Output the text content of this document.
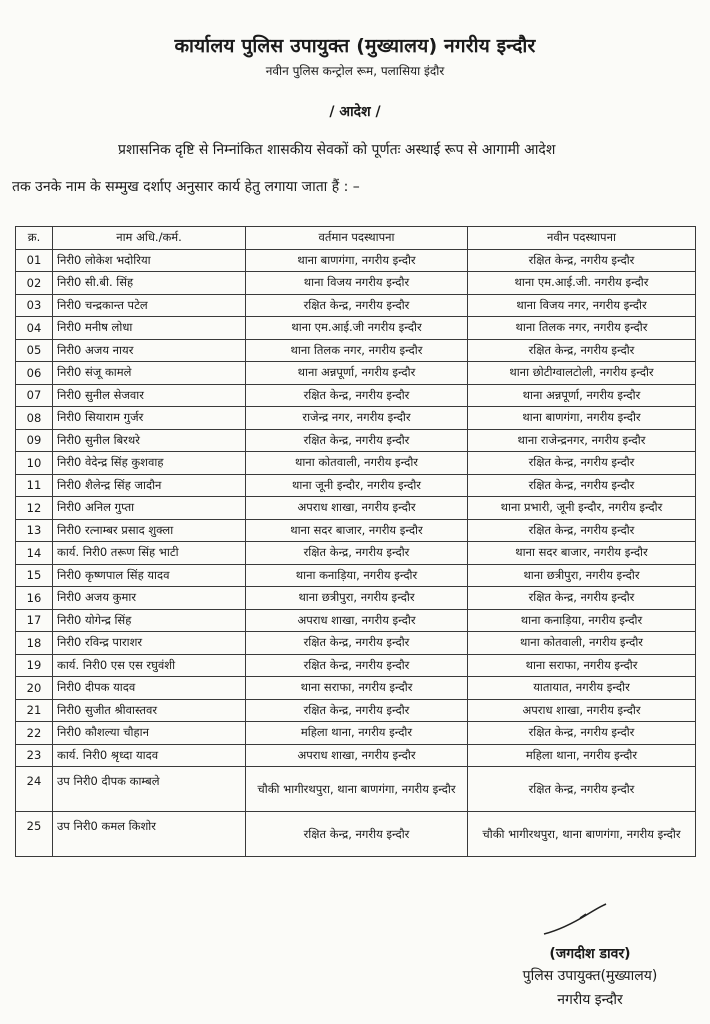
कार्यालय पुलिस उपायुक्त (मुख्यालय) नगरीय इन्दौर
नवीन पुलिस कन्ट्रोल रूम, पलासिया इंदौर
/ आदेश /
प्रशासनिक दृष्टि से निम्नांकित शासकीय सेवकों को पूर्णतः अस्थाई रूप से आगामी आदेश
तक उनके नाम के सम्मुख दर्शाए अनुसार कार्य हेतु लगाया जाता हैं : –
क्र.	नाम अधि./कर्म.	वर्तमान पदस्थापना	नवीन पदस्थापना
01	निरी0 लोकेश भदोरिया	थाना बाणगंगा, नगरीय इन्दौर	रक्षित केन्द्र, नगरीय इन्दौर
02	निरी0 सी.बी. सिंह	थाना विजय नगरीय इन्दौर	थाना एम.आई.जी. नगरीय इन्दौर
03	निरी0 चन्द्रकान्त पटेल	रक्षित केन्द्र, नगरीय इन्दौर	थाना विजय नगर, नगरीय इन्दौर
04	निरी0 मनीष लोधा	थाना एम.आई.जी नगरीय इन्दौर	थाना तिलक नगर, नगरीय इन्दौर
05	निरी0 अजय नायर	थाना तिलक नगर, नगरीय इन्दौर	रक्षित केन्द्र, नगरीय इन्दौर
06	निरी0 संजू कामले	थाना अन्नपूर्णा, नगरीय इन्दौर	थाना छोटीग्वालटोली, नगरीय इन्दौर
07	निरी0 सुनील सेजवार	रक्षित केन्द्र, नगरीय इन्दौर	थाना अन्नपूर्णा, नगरीय इन्दौर
08	निरी0 सियाराम गुर्जर	राजेन्द्र नगर, नगरीय इन्दौर	थाना बाणगंगा, नगरीय इन्दौर
09	निरी0 सुनील बिरथरे	रक्षित केन्द्र, नगरीय इन्दौर	थाना राजेन्द्रनगर, नगरीय इन्दौर
10	निरी0 वेदेन्द्र सिंह कुशवाह	थाना कोतवाली, नगरीय इन्दौर	रक्षित केन्द्र, नगरीय इन्दौर
11	निरी0 शैलेन्द्र सिंह जादौन	थाना जूनी इन्दौर, नगरीय इन्दौर	रक्षित केन्द्र, नगरीय इन्दौर
12	निरी0 अनिल गुप्ता	अपराध शाखा, नगरीय इन्दौर	थाना प्रभारी, जूनी इन्दौर, नगरीय इन्दौर
13	निरी0 रत्नाम्बर प्रसाद शुक्ला	थाना सदर बाजार, नगरीय इन्दौर	रक्षित केन्द्र, नगरीय इन्दौर
14	कार्य. निरी0 तरूण सिंह भाटी	रक्षित केन्द्र, नगरीय इन्दौर	थाना सदर बाजार, नगरीय इन्दौर
15	निरी0 कृष्णपाल सिंह यादव	थाना कनाड़िया, नगरीय इन्दौर	थाना छत्रीपुरा, नगरीय इन्दौर
16	निरी0 अजय कुमार	थाना छत्रीपुरा, नगरीय इन्दौर	रक्षित केन्द्र, नगरीय इन्दौर
17	निरी0 योगेन्द्र सिंह	अपराध शाखा, नगरीय इन्दौर	थाना कनाड़िया, नगरीय इन्दौर
18	निरी0 रविन्द्र पाराशर	रक्षित केन्द्र, नगरीय इन्दौर	थाना कोतवाली, नगरीय इन्दौर
19	कार्य. निरी0 एस एस रघुवंशी	रक्षित केन्द्र, नगरीय इन्दौर	थाना सराफा, नगरीय इन्दौर
20	निरी0 दीपक यादव	थाना सराफा, नगरीय इन्दौर	यातायात, नगरीय इन्दौर
21	निरी0 सुजीत श्रीवास्तवर	रक्षित केन्द्र, नगरीय इन्दौर	अपराध शाखा, नगरीय इन्दौर
22	निरी0 कौशल्या चौहान	महिला थाना, नगरीय इन्दौर	रक्षित केन्द्र, नगरीय इन्दौर
23	कार्य. निरी0 श्रृध्दा यादव	अपराध शाखा, नगरीय इन्दौर	महिला थाना, नगरीय इन्दौर
24	उप निरी0 दीपक काम्बले	चौकी भागीरथपुरा, थाना बाणगंगा, नगरीय इन्दौर	रक्षित केन्द्र, नगरीय इन्दौर
25	उप निरी0 कमल किशोर	रक्षित केन्द्र, नगरीय इन्दौर	चौकी भागीरथपुरा, थाना बाणगंगा, नगरीय इन्दौर
(जगदीश डावर)
पुलिस उपायुक्त(मुख्यालय)
नगरीय इन्दौर
